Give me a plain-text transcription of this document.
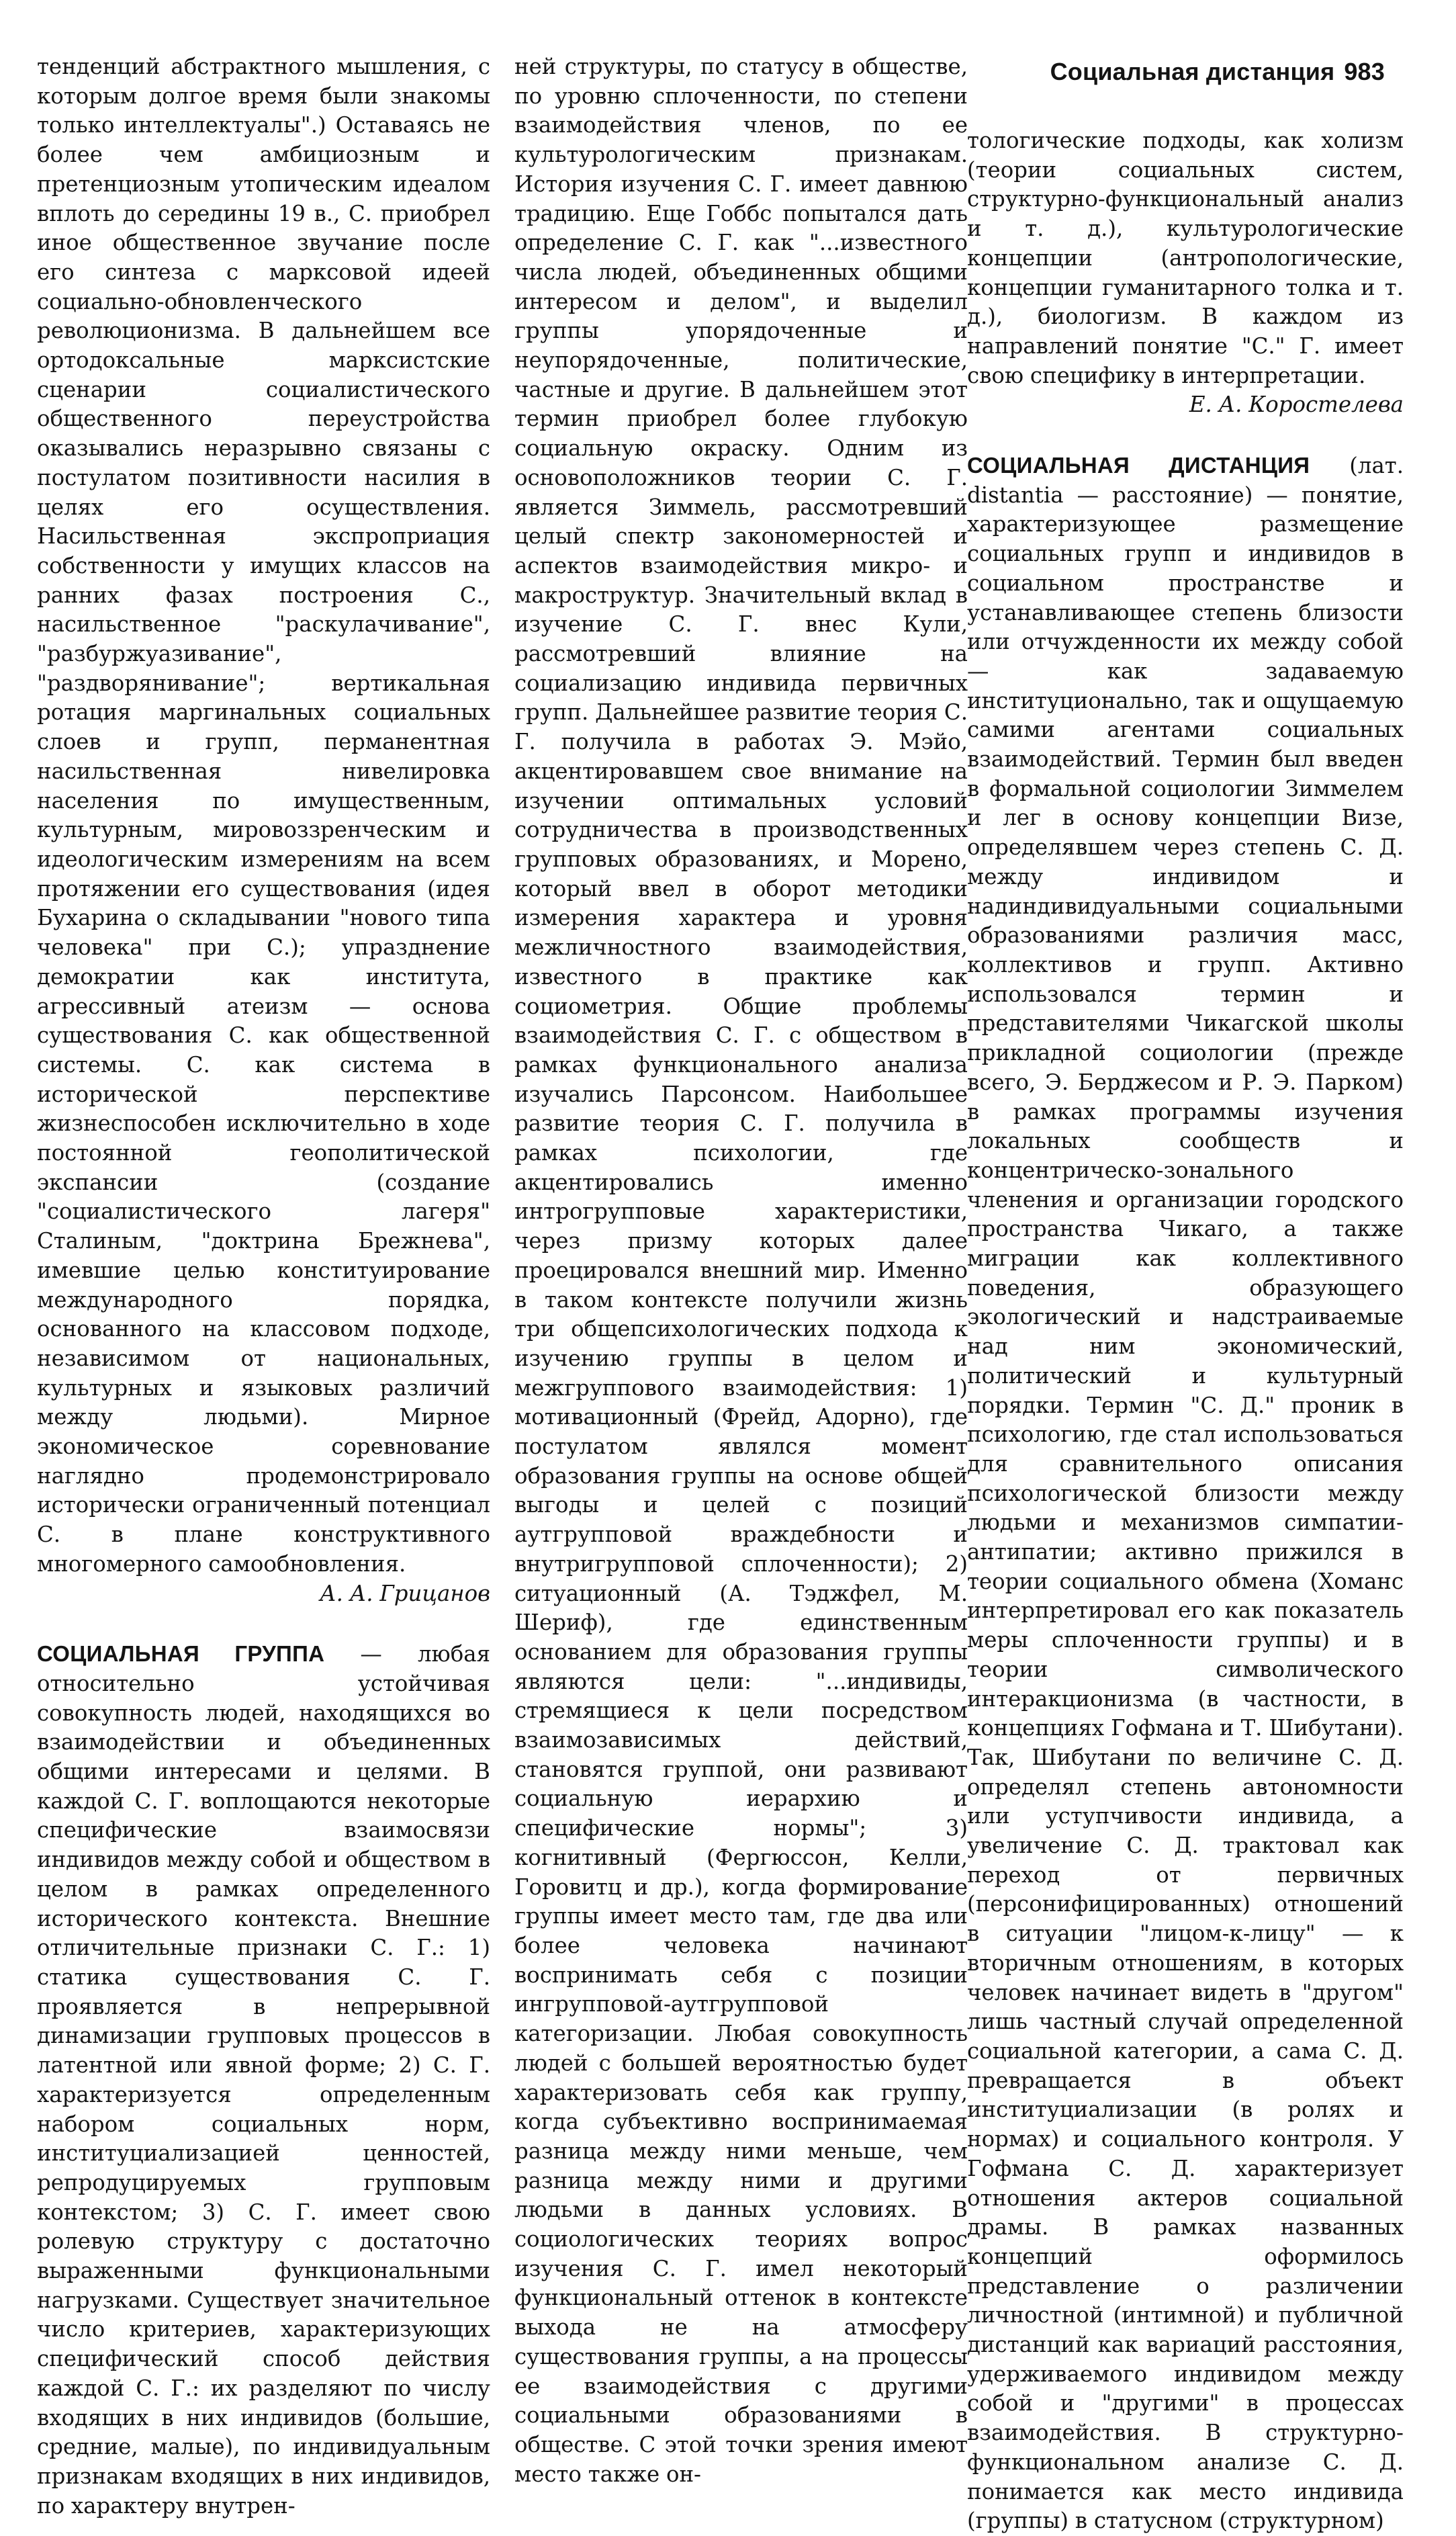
Социальная дистанция 983

тенденций абстрактного мышления, с которым долгое время были знакомы только интеллектуалы".) Оставаясь не более чем амбициозным и претенциозным утопическим идеалом вплоть до середины 19 в., С. приобрел иное общественное звучание после его синтеза с марксовой идеей социально-обновленческого революционизма. В дальнейшем все ортодоксальные марксистские сценарии социалистического общественного переустройства оказывались неразрывно связаны с постулатом позитивности насилия в целях его осуществления. Насильственная экспроприация собственности у имущих классов на ранних фазах построения С., насильственное "раскулачивание", "разбуржуазивание", "раздворянивание"; вертикальная ротация маргинальных социальных слоев и групп, перманентная насильственная нивелировка населения по имущественным, культурным, мировоззренческим и идеологическим измерениям на всем протяжении его существования (идея Бухарина о складывании "нового типа человека" при С.); упразднение демократии как института, агрессивный атеизм — основа существования С. как общественной системы. С. как система в исторической перспективе жизнеспособен исключительно в ходе постоянной геополитической экспансии (создание "социалистического лагеря" Сталиным, "доктрина Брежнева", имевшие целью конституирование международного порядка, основанного на классовом подходе, независимом от национальных, культурных и языковых различий между людьми). Мирное экономическое соревнование наглядно продемонстрировало исторически ограниченный потенциал С. в плане конструктивного многомерного самообновления.

А. А. Грицанов

СОЦИАЛЬНАЯ ГРУППА — любая относительно устойчивая совокупность людей, находящихся во взаимодействии и объединенных общими интересами и целями. В каждой С. Г. воплощаются некоторые специфические взаимосвязи индивидов между собой и обществом в целом в рамках определенного исторического контекста. Внешние отличительные признаки С. Г.: 1) статика существования С. Г. проявляется в непрерывной динамизации групповых процессов в латентной или явной форме; 2) С. Г. характеризуется определенным набором социальных норм, институциализацией ценностей, репродуцируемых групповым контекстом; 3) С. Г. имеет свою ролевую структуру с достаточно выраженными функциональными нагрузками. Существует значительное число критериев, характеризующих специфический способ действия каждой С. Г.: их разделяют по числу входящих в них индивидов (большие, средние, малые), по индивидуальным признакам входящих в них индивидов, по характеру внутрен-

ней структуры, по статусу в обществе, по уровню сплоченности, по степени взаимодействия членов, по ее культурологическим признакам. История изучения С. Г. имеет давнюю традицию. Еще Гоббс попытался дать определение С. Г. как "...известного числа людей, объединенных общими интересом и делом", и выделил группы упорядоченные и неупорядоченные, политические, частные и другие. В дальнейшем этот термин приобрел более глубокую социальную окраску. Одним из основоположников теории С. Г. является Зиммель, рассмотревший целый спектр закономерностей и аспектов взаимодействия микро- и макроструктур. Значительный вклад в изучение С. Г. внес Кули, рассмотревший влияние на социализацию индивида первичных групп. Дальнейшее развитие теория С. Г. получила в работах Э. Мэйо, акцентировавшем свое внимание на изучении оптимальных условий сотрудничества в производственных групповых образованиях, и Морено, который ввел в оборот методики измерения характера и уровня межличностного взаимодействия, известного в практике как социометрия. Общие проблемы взаимодействия С. Г. с обществом в рамках функционального анализа изучались Парсонсом. Наибольшее развитие теория С. Г. получила в рамках психологии, где акцентировались именно интрогрупповые характеристики, через призму которых далее проецировался внешний мир. Именно в таком контексте получили жизнь три общепсихологических подхода к изучению группы в целом и межгруппового взаимодействия: 1) мотивационный (Фрейд, Адорно), где постулатом являлся момент образования группы на основе общей выгоды и целей с позиций аутгрупповой враждебности и внутригрупповой сплоченности); 2) ситуационный (А. Тэджфел, М. Шериф), где единственным основанием для образования группы являются цели: "...индивиды, стремящиеся к цели посредством взаимозависимых действий, становятся группой, они развивают социальную иерархию и специфические нормы"; 3) когнитивный (Фергюссон, Келли, Горовитц и др.), когда формирование группы имеет место там, где два или более человека начинают воспринимать себя с позиции ингрупповой-аутгрупповой категоризации. Любая совокупность людей с большей вероятностью будет характеризовать себя как группу, когда субъективно воспринимаемая разница между ними меньше, чем разница между ними и другими людьми в данных условиях. В социологических теориях вопрос изучения С. Г. имел некоторый функциональный оттенок в контексте выхода не на атмосферу существования группы, а на процессы ее взаимодействия с другими социальными образованиями в обществе. С этой точки зрения имеют место также он-

тологические подходы, как холизм (теории социальных систем, структурно-функциональный анализ и т. д.), культурологические концепции (антропологические, концепции гуманитарного толка и т. д.), биологизм. В каждом из направлений понятие "С." Г. имеет свою специфику в интерпретации.

Е. А. Коростелева

СОЦИАЛЬНАЯ ДИСТАНЦИЯ (лат. distantia — расстояние) — понятие, характеризующее размещение социальных групп и индивидов в социальном пространстве и устанавливающее степень близости или отчужденности их между собой — как задаваемую институционально, так и ощущаемую самими агентами социальных взаимодействий. Термин был введен в формальной социологии Зиммелем и лег в основу концепции Визе, определявшем через степень С. Д. между индивидом и надиндивидуальными социальными образованиями различия масс, коллективов и групп. Активно использовался термин и представителями Чикагской школы прикладной социологии (прежде всего, Э. Берджесом и Р. Э. Парком) в рамках программы изучения локальных сообществ и концентрическо-зонального членения и организации городского пространства Чикаго, а также миграции как коллективного поведения, образующего экологический и надстраиваемые над ним экономический, политический и культурный порядки. Термин "С. Д." проник в психологию, где стал использоваться для сравнительного описания психологической близости между людьми и механизмов симпатии-антипатии; активно прижился в теории социального обмена (Хоманс интерпретировал его как показатель меры сплоченности группы) и в теории символического интеракционизма (в частности, в концепциях Гофмана и Т. Шибутани). Так, Шибутани по величине С. Д. определял степень автономности или уступчивости индивида, а увеличение С. Д. трактовал как переход от первичных (персонифицированных) отношений в ситуации "лицом-к-лицу" — к вторичным отношениям, в которых человек начинает видеть в "другом" лишь частный случай определенной социальной категории, а сама С. Д. превращается в объект институциализации (в ролях и нормах) и социального контроля. У Гофмана С. Д. характеризует отношения актеров социальной драмы. В рамках названных концепций оформилось представление о различении личностной (интимной) и публичной дистанций как вариаций расстояния, удерживаемого индивидом между собой и "другими" в процессах взаимодействия. В структурно-функциональном анализе С. Д. понимается как место индивида (группы) в статусном (структурном)
